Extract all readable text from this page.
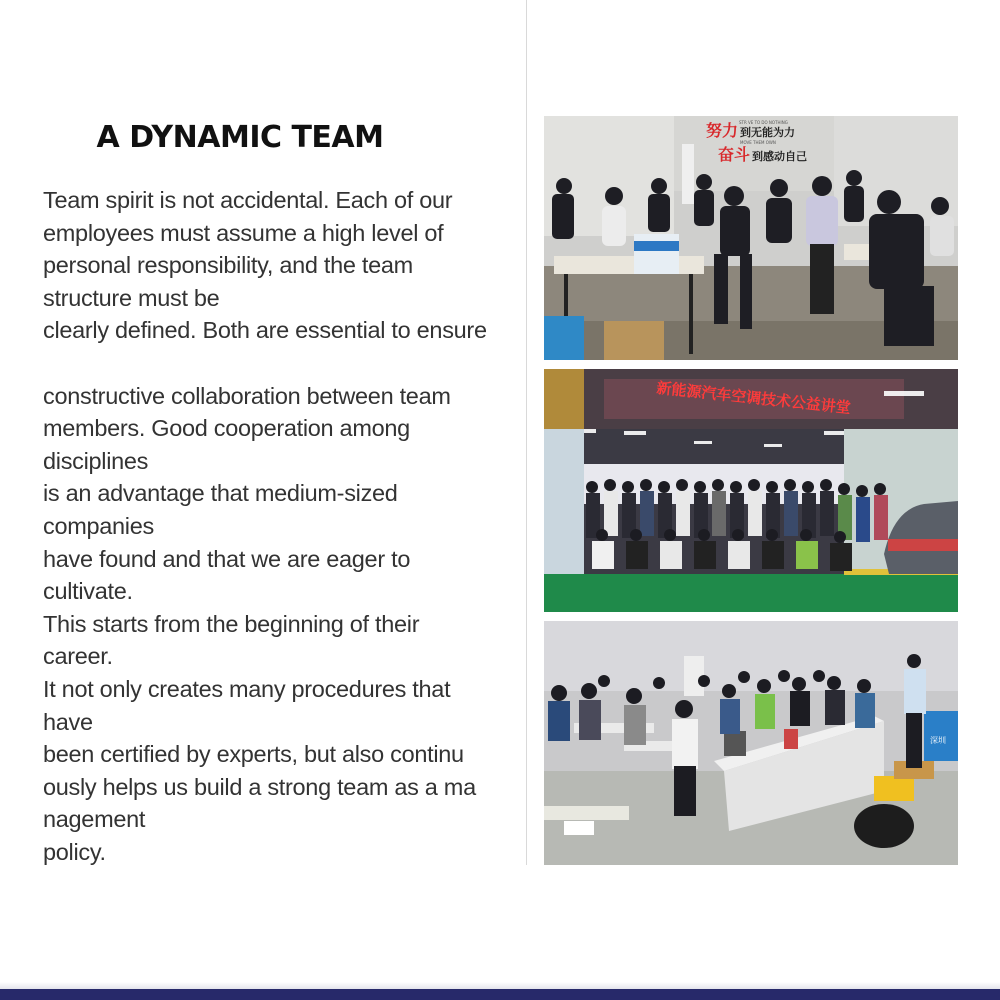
A DYNAMIC TEAM
Team spirit is not accidental. Each of our
employees must assume a high level of
personal responsibility, and the team
structure must be
clearly defined. Both are essential to ensure
constructive collaboration between team
members. Good cooperation among
disciplines
is an advantage that medium-sized
companies
have found and that we are eager to
cultivate.
This starts from the beginning of their
career.
It not only creates many procedures that
have
been certified by experts, but also continu
ously helps us build a strong team as a ma
nagement
policy.
努力 到无能为力
STR VE TO DO NOTHING
MOVE THEM OWN
奋斗 到感动自己
新能源汽车空调技术公益讲堂
深圳
